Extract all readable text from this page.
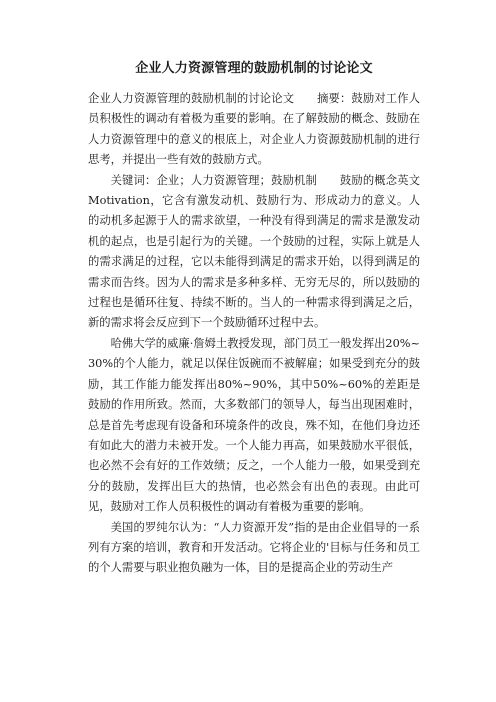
企业人力资源管理的鼓励机制的讨论论文

企业人力资源管理的鼓励机制的讨论论文　　摘要：鼓励对工作人员积极性的调动有着极为重要的影响。在了解鼓励的概念、鼓励在人力资源管理中的意义的根底上，对企业人力资源鼓励机制的进行思考，并提出一些有效的鼓励方式。

关键词：企业；人力资源管理；鼓励机制　　鼓励的概念英文Motivation，它含有激发动机、鼓励行为、形成动力的意义。人的动机多起源于人的需求欲望，一种没有得到满足的需求是激发动机的起点，也是引起行为的关键。一个鼓励的过程，实际上就是人的需求满足的过程，它以未能得到满足的需求开始，以得到满足的需求而告终。因为人的需求是多种多样、无穷无尽的，所以鼓励的过程也是循环往复、持续不断的。当人的一种需求得到满足之后，新的需求将会反应到下一个鼓励循环过程中去。

哈佛大学的威廉·詹姆土教授发现，部门员工一般发挥出20%~30%的个人能力，就足以保住饭碗而不被解雇；如果受到充分的鼓励，其工作能力能发挥出80%~90%，其中50%~60%的差距是鼓励的作用所致。然而，大多数部门的领导人，每当出现困难时，总是首先考虑现有设备和环境条件的改良，殊不知，在他们身边还有如此大的潜力未被开发。一个人能力再高，如果鼓励水平很低，也必然不会有好的工作效绩；反之，一个人能力一般，如果受到充分的鼓励，发挥出巨大的热情，也必然会有出色的表现。由此可见，鼓励对工作人员积极性的调动有着极为重要的影响。

美国的罗纯尔认为：“人力资源开发”指的是由企业倡导的一系列有方案的培训，教育和开发活动。它将企业的'目标与任务和员工的个人需要与职业抱负融为一体，目的是提高企业的劳动生产
